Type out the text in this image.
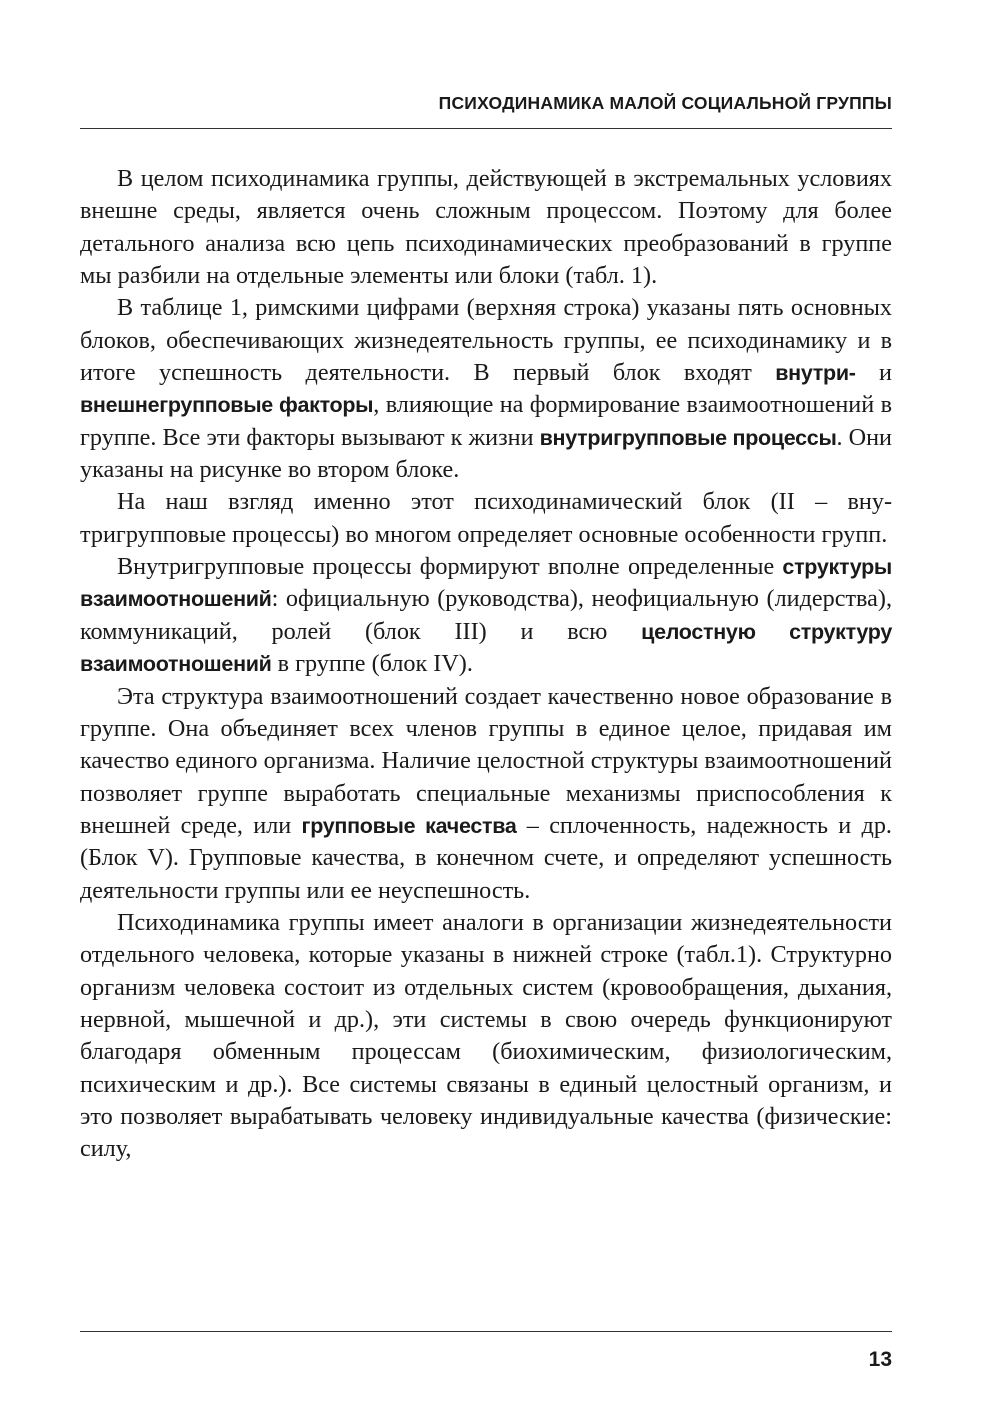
ПСИХОДИНАМИКА МАЛОЙ СОЦИАЛЬНОЙ ГРУППЫ

В целом психодинамика группы, действующей в экстремальных условиях внешне среды, является очень сложным процессом. Поэтому для более детального анализа всю цепь психодинамических преобразований в группе мы разбили на отдельные элементы или блоки (табл. 1).

В таблице 1, римскими цифрами (верхняя строка) указаны пять основных блоков, обеспечивающих жизнедеятельность группы, ее психодинамику и в итоге успешность деятельности. В первый блок входят внутри- и внешнегрупповые факторы, влияющие на формирование взаимоотношений в группе. Все эти факторы вызывают к жизни внутригрупповые процессы. Они указаны на рисунке во втором блоке.

На наш взгляд именно этот психодинамический блок (II – внутригрупповые процессы) во многом определяет основные особенности групп.

Внутригрупповые процессы формируют вполне определенные структуры взаимоотношений: официальную (руководства), неофициальную (лидерства), коммуникаций, ролей (блок III) и всю целостную структуру взаимоотношений в группе (блок IV).

Эта структура взаимоотношений создает качественно новое образование в группе. Она объединяет всех членов группы в единое целое, придавая им качество единого организма. Наличие целостной структуры взаимоотношений позволяет группе выработать специальные механизмы приспособления к внешней среде, или групповые качества – сплоченность, надежность и др. (Блок V). Групповые качества, в конечном счете, и определяют успешность деятельности группы или ее неуспешность.

Психодинамика группы имеет аналоги в организации жизнедеятельности отдельного человека, которые указаны в нижней строке (табл.1). Структурно организм человека состоит из отдельных систем (кровообращения, дыхания, нервной, мышечной и др.), эти системы в свою очередь функционируют благодаря обменным процессам (биохимическим, физиологическим, психическим и др.). Все системы связаны в единый целостный организм, и это позволяет вырабатывать человеку индивидуальные качества (физические: силу,

13
